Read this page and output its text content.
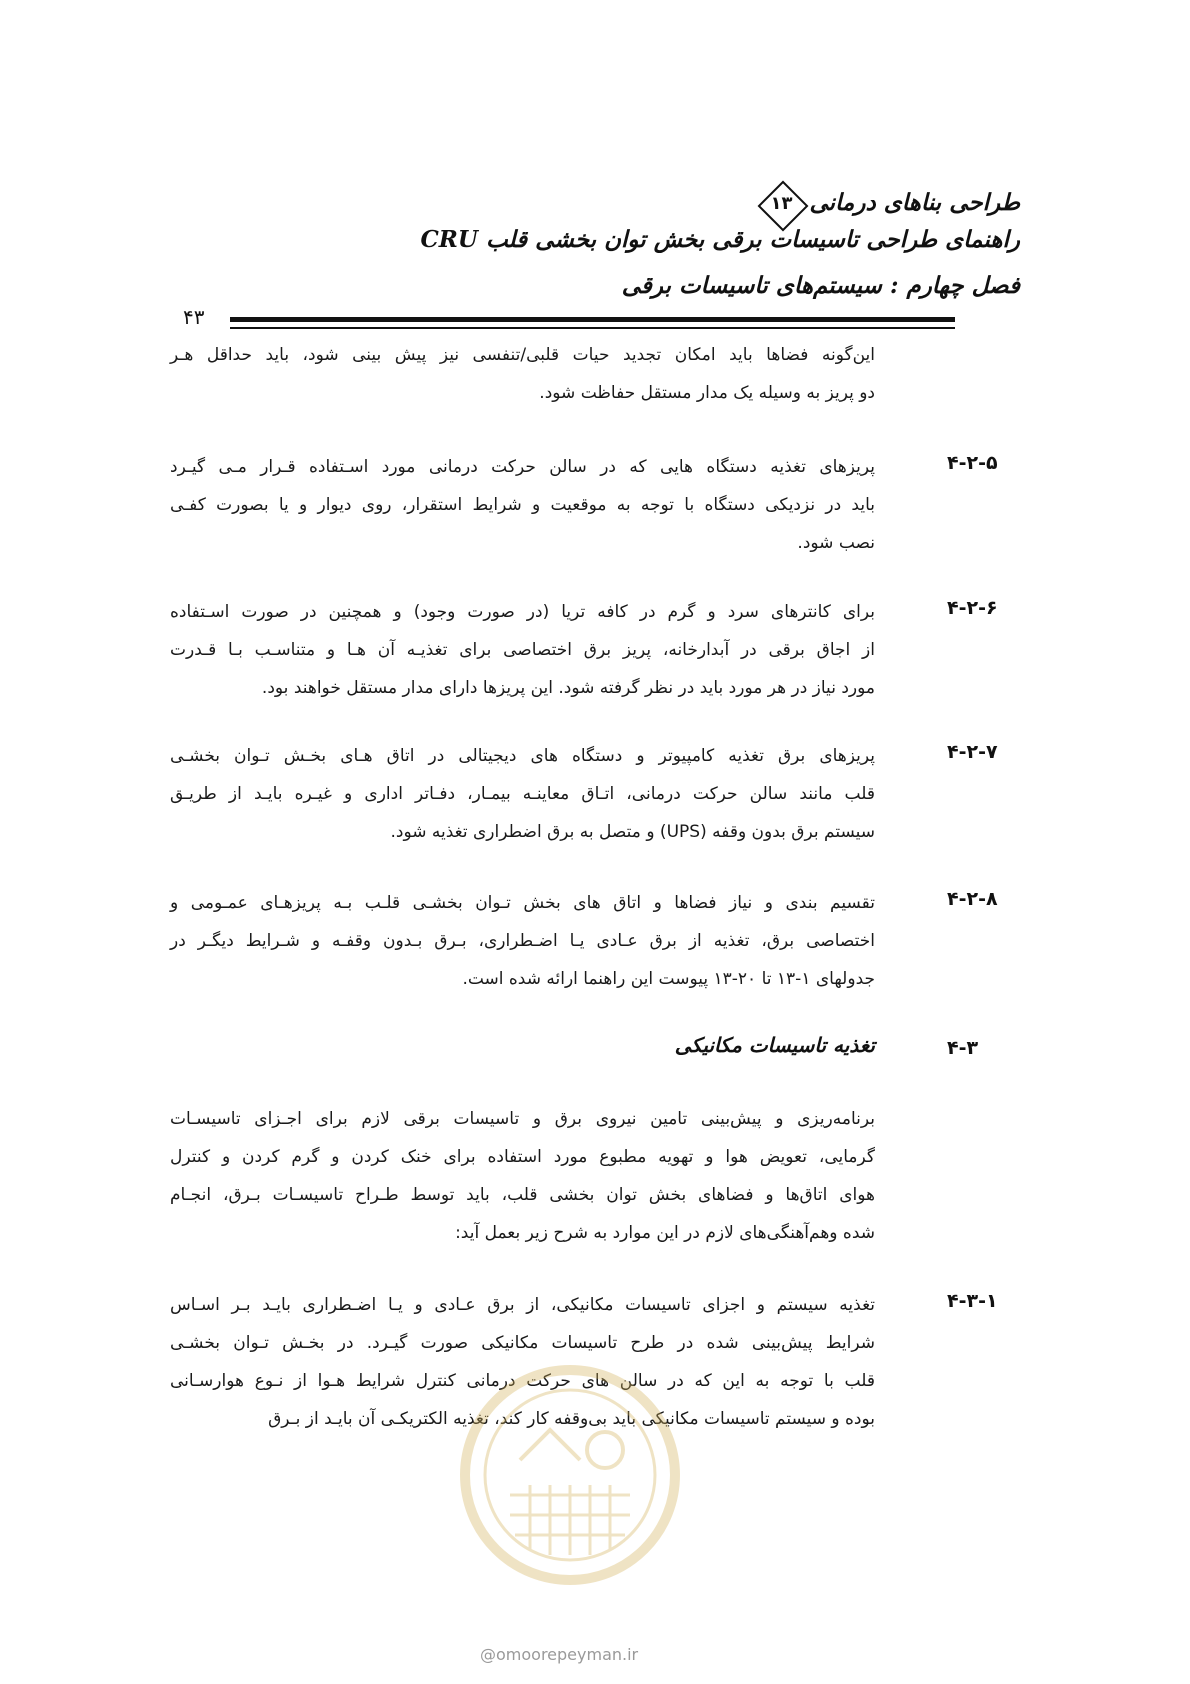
طراحی بناهای درمانی
۱۳
راهنمای طراحی تاسیسات برقی بخش توان بخشی قلب CRU
فصل چهارم : سیستم‌های تاسیسات برقی
۴۳
این‌گونه فضاها باید امکان تجدید حیات قلبی/تنفسی نیز پیش بینی شود، باید حداقل هـر
دو پریز به وسیله یک مدار مستقل حفاظت شود.
۴-۲-۵
پریزهای تغذیه دستگاه هایی که در سالن حرکت درمانی مورد اسـتفاده قـرار مـی گیـرد
باید در نزدیکی دستگاه با توجه به موقعیت و شرایط استقرار، روی دیوار و یا بصورت کفـی
نصب شود.
۴-۲-۶
برای کانترهای سرد و گرم در کافه تریا (در صورت وجود) و همچنین در صورت اسـتفاده
از اجاق برقی در آبدارخانه، پریز برق اختصاصی برای تغذیـه آن هـا و متناسـب بـا قـدرت
مورد نیاز در هر مورد باید در نظر گرفته شود. این پریزها دارای مدار مستقل خواهند بود.
۴-۲-۷
پریزهای برق تغذیه کامپیوتر و دستگاه های دیجیتالی در اتاق هـای بخـش تـوان بخشـی
قلب مانند سالن حرکت درمانی، اتـاق معاینـه بیمـار، دفـاتر اداری و غیـره بایـد از طریـق
سیستم برق بدون وقفه (UPS) و متصل به برق اضطراری تغذیه شود.
۴-۲-۸
تقسیم بندی و نیاز فضاها و اتاق های بخش تـوان بخشـی قلـب بـه پریزهـای عمـومی و
اختصاصی برق، تغذیه از برق عـادی یـا اضـطراری، بـرق بـدون وقفـه و شـرایط دیگـر در
جدولهای ۱-۱۳ تا ۲۰-۱۳ پیوست این راهنما ارائه شده است.
۴-۳
تغذیه تاسیسات مکانیکی
برنامه‌ریزی و پیش‌بینی تامین نیروی برق و تاسیسات برقی لازم برای اجـزای تاسیسـات
گرمایی، تعویض هوا و تهویه مطبوع مورد استفاده برای خنک کردن و گرم کردن و کنترل
هوای اتاق‌ها و فضاهای بخش توان بخشی قلب، باید توسط طـراح تاسیسـات بـرق، انجـام
شده وهم‌آهنگی‌های لازم در این موارد به شرح زیر بعمل آید:
۴-۳-۱
تغذیه سیستم و اجزای تاسیسات مکانیکی، از برق عـادی و یـا اضـطراری بایـد بـر اسـاس
شرایط پیش‌بینی شده در طرح تاسیسات مکانیکی صورت گیـرد. در بخـش تـوان بخشـی
قلب با توجه به این که در سالن های حرکت درمانی کنترل شرایط هـوا از نـوع هوارسـانی
بوده و سیستم تاسیسات مکانیکی باید بی‌وقفه کار کند، تغذیه الکتریکـی آن بایـد از بـرق
@omoorepeyman.ir
